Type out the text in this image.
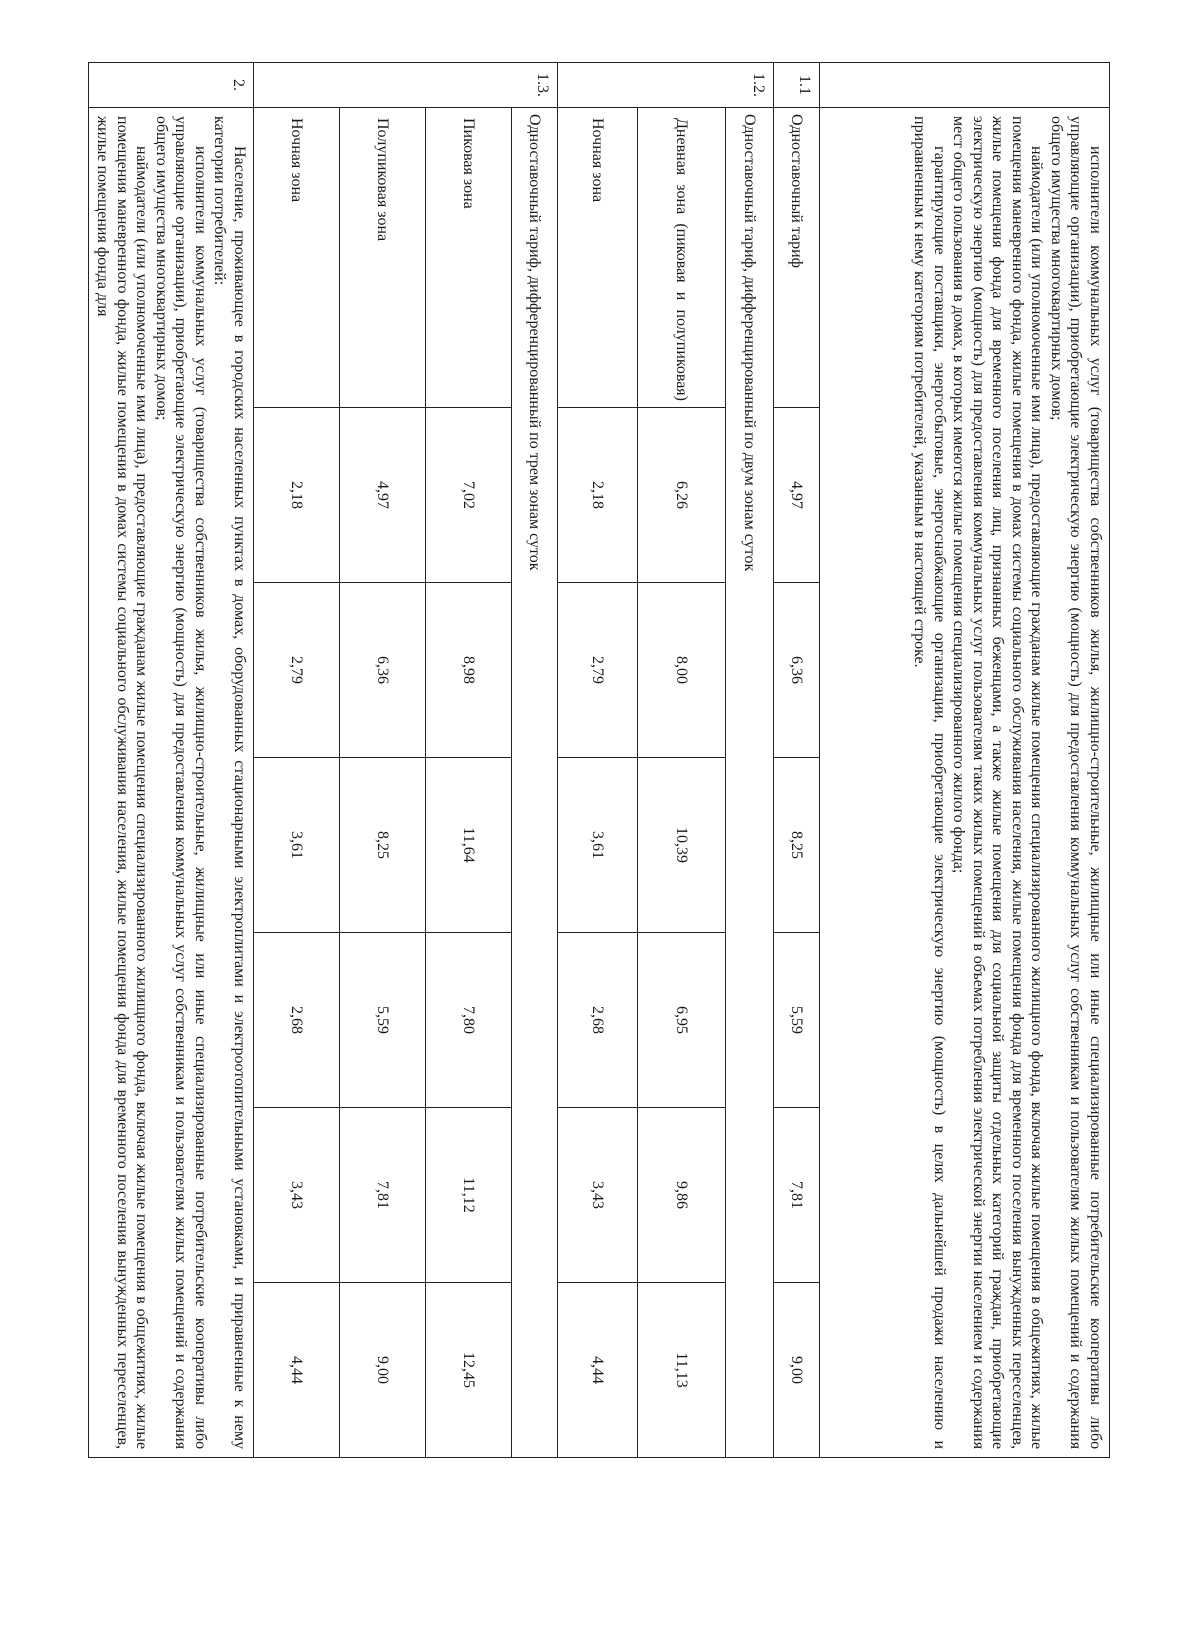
	исполнители коммунальных услуг (товарищества собственников жилья, жилищно-строительные, жилищные или иные специализированные потребительские кооперативы либо управляющие организации), приобретающие электрическую энергию (мощность) для предоставления коммунальных услуг собственникам и пользователям жилых помещений и содержания общего имущества многоквартирных домов;

наймодатели (или уполномоченные ими лица), предоставляющие гражданам жилые помещения специализированного жилищного фонда, включая жилые помещения в общежитиях, жилые помещения маневренного фонда, жилые помещения в домах системы социального обслуживания населения, жилые помещения фонда для временного поселения вынужденных переселенцев, жилые помещения фонда для временного поселения лиц, признанных беженцами, а также жилые помещения для социальной защиты отдельных категорий граждан, приобретающие электрическую энергию (мощность) для предоставления коммунальных услуг пользователям таких жилых помещений в объемах потребления электрической энергии населением и содержания мест общего пользования в домах, в которых имеются жилые помещения специализированного жилого фонда;

гарантирующие поставщики, энергосбытовые, энергоснабжающие организации, приобретающие электрическую энергию (мощность) в целях дальнейшей продажи населению и приравненным к нему категориям потребителей, указанным в настоящей строке.						

1.1	Одноставочный тариф	4,97	6,36	8,25	5,59	7,81	9,00
1.2.	Одноставочный тариф, дифференцированный по двум зонам суток						
	Дневная зона (пиковая и полупиковая)	6,26	8,00	10,39	6,95	9,86	11,13
	Ночная зона	2,18	2,79	3,61	2,68	3,43	4,44
1.3.	Одноставочный тариф, дифференцированный по трем зонам суток						
	Пиковая зона	7,02	8,98	11,64	7,80	11,12	12,45
	Полупиковая зона	4,97	6,36	8,25	5,59	7,81	9,00
	Ночная зона	2,18	2,79	3,61	2,68	3,43	4,44
2.	Население, проживающее в городских населенных пунктах в домах, оборудованных стационарными электроплитами и электроотопительными установками, и приравненные к нему категории потребителей:

исполнители коммунальных услуг (товарищества собственников жилья, жилищно-строительные, жилищные или иные специализированные потребительские кооперативы либо управляющие организации), приобретающие электрическую энергию (мощность) для предоставления коммунальных услуг собственникам и пользователям жилых помещений и содержания общего имущества многоквартирных домов;

наймодатели (или уполномоченные ими лица), предоставляющие гражданам жилые помещения специализированного жилищного фонда, включая жилые помещения в общежитиях, жилые помещения маневренного фонда, жилые помещения в домах системы социального обслуживания населения, жилые помещения фонда для временного поселения вынужденных переселенцев, жилые помещения фонда для						
